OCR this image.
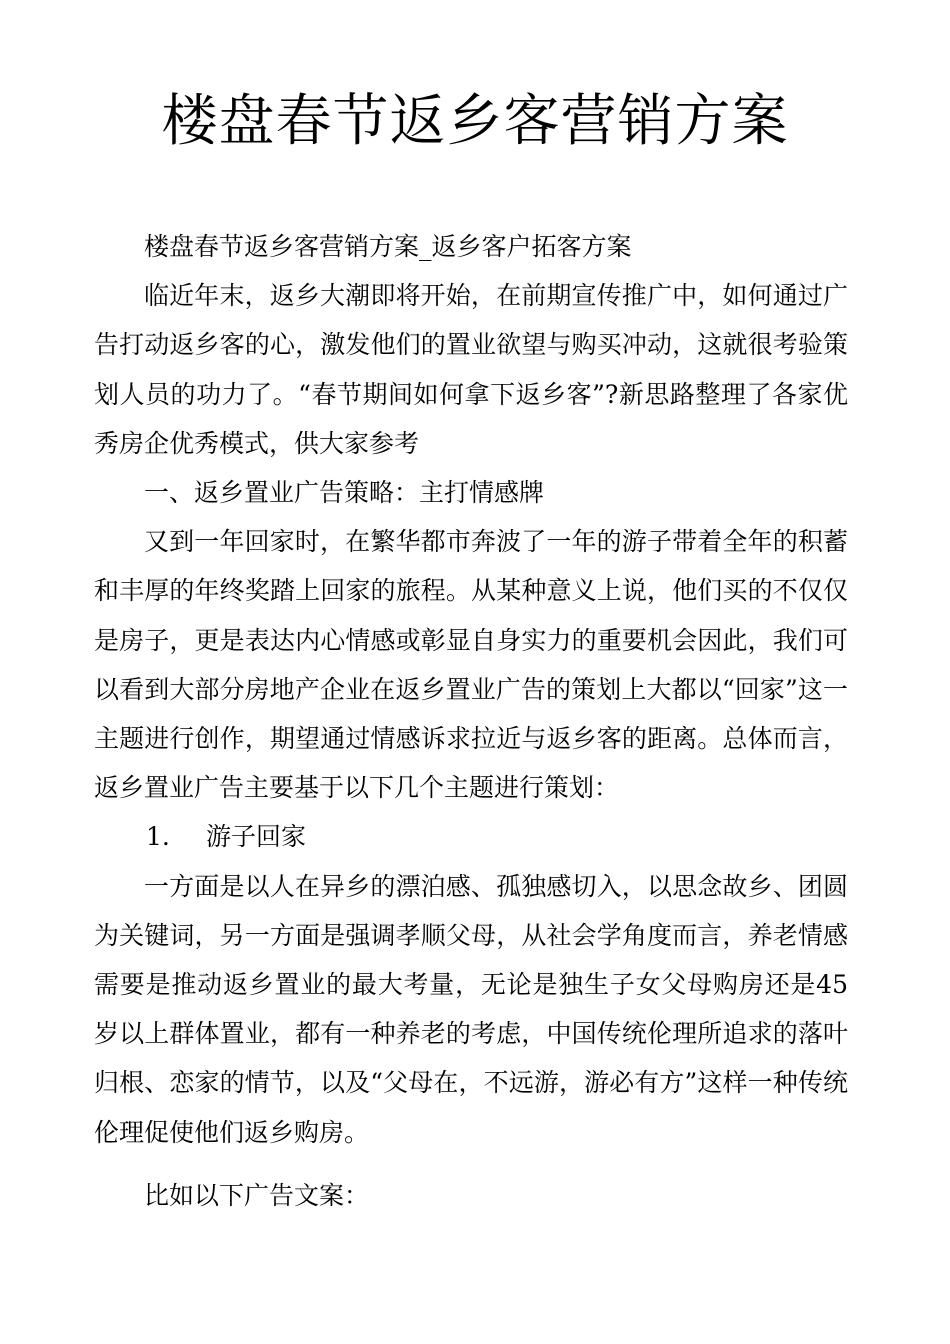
楼盘春节返乡客营销方案

楼盘春节返乡客营销方案_返乡客户拓客方案

临近年末，返乡大潮即将开始，在前期宣传推广中，如何通过广告打动返乡客的心，激发他们的置业欲望与购买冲动，这就很考验策划人员的功力了。“春节期间如何拿下返乡客”?新思路整理了各家优秀房企优秀模式，供大家参考

一、返乡置业广告策略：主打情感牌

又到一年回家时，在繁华都市奔波了一年的游子带着全年的积蓄和丰厚的年终奖踏上回家的旅程。从某种意义上说，他们买的不仅仅是房子，更是表达内心情感或彰显自身实力的重要机会因此，我们可以看到大部分房地产企业在返乡置业广告的策划上大都以“回家”这一主题进行创作，期望通过情感诉求拉近与返乡客的距离。总体而言，返乡置业广告主要基于以下几个主题进行策划：

1. 游子回家

一方面是以人在异乡的漂泊感、孤独感切入，以思念故乡、团圆为关键词，另一方面是强调孝顺父母，从社会学角度而言，养老情感需要是推动返乡置业的最大考量，无论是独生子女父母购房还是45岁以上群体置业，都有一种养老的考虑，中国传统伦理所追求的落叶归根、恋家的情节，以及“父母在，不远游，游必有方”这样一种传统伦理促使他们返乡购房。

比如以下广告文案：
